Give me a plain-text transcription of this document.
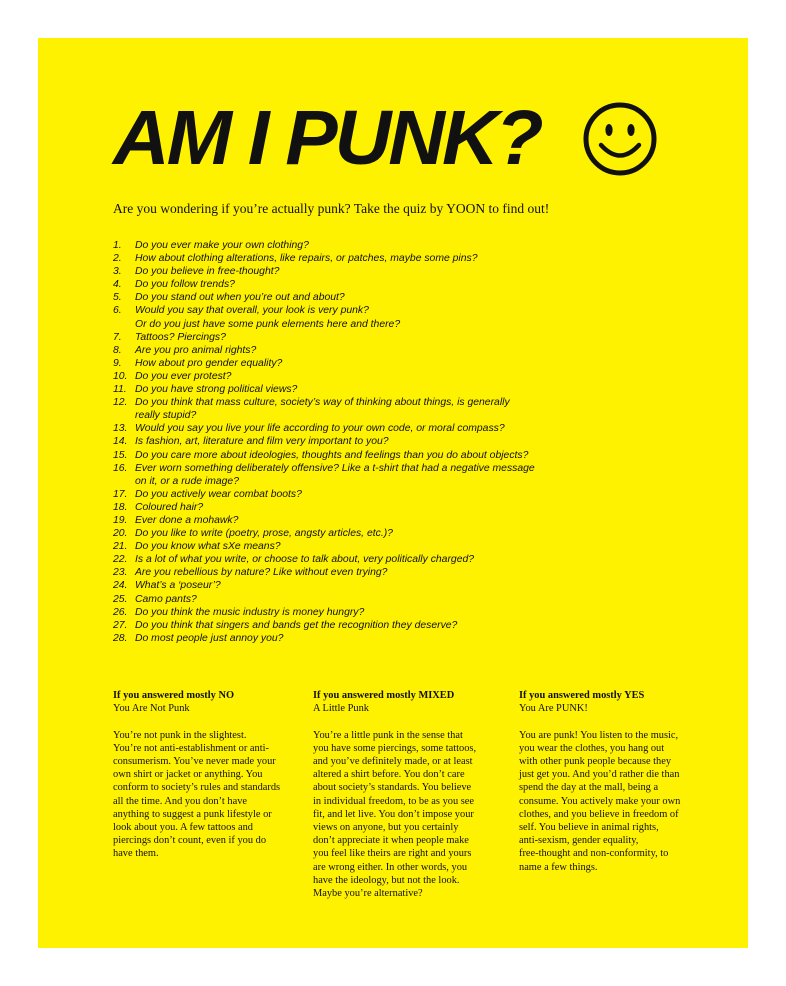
AM I PUNK?
Are you wondering if you’re actually punk? Take the quiz by YOON to find out!
1. Do you ever make your own clothing?
2. How about clothing alterations, like repairs, or patches, maybe some pins?
3. Do you believe in free-thought?
4. Do you follow trends?
5. Do you stand out when you’re out and about?
6. Would you say that overall, your look is very punk?
Or do you just have some punk elements here and there?
7. Tattoos? Piercings?
8. Are you pro animal rights?
9. How about pro gender equality?
10. Do you ever protest?
11. Do you have strong political views?
12. Do you think that mass culture, society’s way of thinking about things, is generally
really stupid?
13. Would you say you live your life according to your own code, or moral compass?
14. Is fashion, art, literature and film very important to you?
15. Do you care more about ideologies, thoughts and feelings than you do about objects?
16. Ever worn something deliberately offensive? Like a t-shirt that had a negative message
on it, or a rude image?
17. Do you actively wear combat boots?
18. Coloured hair?
19. Ever done a mohawk?
20. Do you like to write (poetry, prose, angsty articles, etc.)?
21. Do you know what sXe means?
22. Is a lot of what you write, or choose to talk about, very politically charged?
23. Are you rebellious by nature? Like without even trying?
24. What’s a ‘poseur’?
25. Camo pants?
26. Do you think the music industry is money hungry?
27. Do you think that singers and bands get the recognition they deserve?
28. Do most people just annoy you?
If you answered mostly NO
You Are Not Punk

You’re not punk in the slightest.

You’re not anti-establishment or anti-

consumerism. You’ve never made your

own shirt or jacket or anything. You

conform to society’s rules and standards

all the time. And you don’t have

anything to suggest a punk lifestyle or

look about you. A few tattoos and

piercings don’t count, even if you do

have them.

If you answered mostly MIXED
A Little Punk

You’re a little punk in the sense that

you have some piercings, some tattoos,

and you’ve definitely made, or at least

altered a shirt before. You don’t care

about society’s standards. You believe

in individual freedom, to be as you see

fit, and let live. You don’t impose your

views on anyone, but you certainly

don’t appreciate it when people make

you feel like theirs are right and yours

are wrong either. In other words, you

have the ideology, but not the look.

Maybe you’re alternative?

If you answered mostly YES
You Are PUNK!

You are punk! You listen to the music,

you wear the clothes, you hang out

with other punk people because they

just get you. And you’d rather die than

spend the day at the mall, being a

consume. You actively make your own

clothes, and you believe in freedom of

self. You believe in animal rights,

anti-sexism, gender equality,

free-thought and non-conformity, to

name a few things.
